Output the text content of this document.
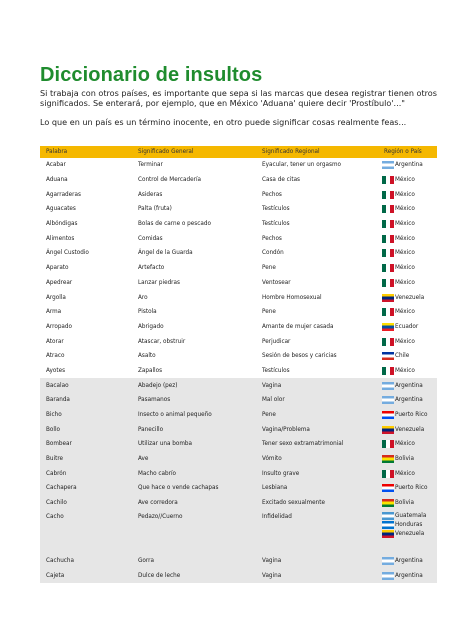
Diccionario de insultos
Si trabaja con otros países, es importante que sepa si las marcas que desea registrar tienen otros
significados. Se enterará, por ejemplo, que en México 'Aduana' quiere decir 'Prostíbulo'..."
Lo que en un país es un término inocente, en otro puede significar cosas realmente feas...
Palabra	Significado General	Significado Regional	Región o País
Acabar	Terminar	Eyacular, tener un orgasmo	Argentina

Aduana	Control de Mercadería	Casa de citas	México

Agarraderas	Asideras	Pechos	México

Aguacates	Palta (fruta)	Testículos	México

Albóndigas	Bolas de carne o pescado	Testículos	México

Alimentos	Comidas	Pechos	México

Ángel Custodio	Ángel de la Guarda	Condón	México

Aparato	Artefacto	Pene	México

Apedrear	Lanzar piedras	Ventosear	México

Argolla	Aro	Hombre Homosexual	Venezuela

Arma	Pistola	Pene	México

Arropado	Abrigado	Amante de mujer casada	Ecuador

Atorar	Atascar, obstruir	Perjudicar	México

Atraco	Asalto	Sesión de besos y caricias	Chile

Ayotes	Zapallos	Testículos	México

Bacalao	Abadejo (pez)	Vagina	Argentina

Baranda	Pasamanos	Mal olor	Argentina

Bicho	Insecto o animal pequeño	Pene	Puerto Rico

Bollo	Panecillo	Vagina/Problema	Venezuela

Bombear	Utilizar una bomba	Tener sexo extramatrimonial	México

Buitre	Ave	Vómito	Bolivia

Cabrón	Macho cabrío	Insulto grave	México

Cachapera	Que hace o vende cachapas	Lesbiana	Puerto Rico

Cachilo	Ave corredora	Excitado sexualmente	Bolivia

Cacho	Pedazo//Cuerno	Infidelidad	Guatemala
Honduras
Venezuela

Cachucha	Gorra	Vagina	Argentina

Cajeta	Dulce de leche	Vagina	Argentina
